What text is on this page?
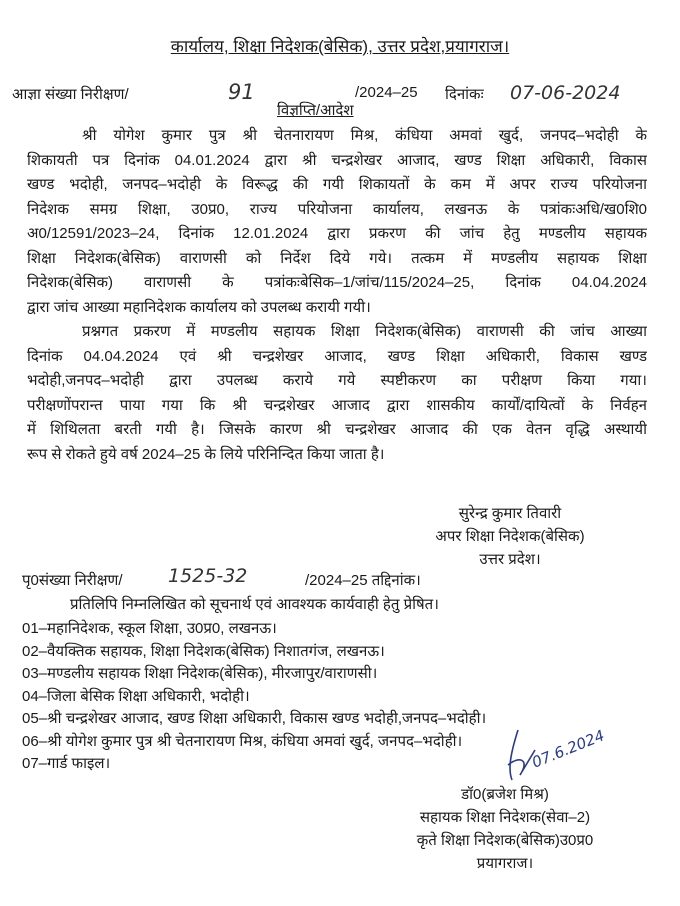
कार्यालय, शिक्षा निदेशक(बेसिक), उत्तर प्रदेश,प्रयागराज।
आज्ञा संख्या निरीक्षण/	91	/2024–25 दिनांकः 07-06-2024
विज्ञप्ति/आदेश
श्री योगेश कुमार पुत्र श्री चेतनारायण मिश्र, कंधिया अमवां खुर्द, जनपद–भदोही के
शिकायती पत्र दिनांक 04.01.2024 द्वारा श्री चन्द्रशेखर आजाद, खण्ड शिक्षा अधिकारी, विकास
खण्ड भदोही, जनपद–भदोही के विरूद्ध की गयी शिकायतों के कम में अपर राज्य परियोजना
निदेशक समग्र शिक्षा, उ0प्र0, राज्य परियोजना कार्यालय, लखनऊ के पत्रांकःअधि/ख0शि0
अ0/12591/2023–24, दिनांक 12.01.2024 द्वारा प्रकरण की जांच हेतु मण्डलीय सहायक
शिक्षा निदेशक(बेसिक) वाराणसी को निर्देश दिये गये। तत्कम में मण्डलीय सहायक शिक्षा
निदेशक(बेसिक) वाराणसी के पत्रांकःबेसिक–1/जांच/115/2024–25, दिनांक 04.04.2024
द्वारा जांच आख्या महानिदेशक कार्यालय को उपलब्ध करायी गयी।
प्रश्नगत प्रकरण में मण्डलीय सहायक शिक्षा निदेशक(बेसिक) वाराणसी की जांच आख्या
दिनांक 04.04.2024 एवं श्री चन्द्रशेखर आजाद, खण्ड शिक्षा अधिकारी, विकास खण्ड
भदोही,जनपद–भदोही द्वारा उपलब्ध कराये गये स्पष्टीकरण का परीक्षण किया गया।
परीक्षणोंपरान्त पाया गया कि श्री चन्द्रशेखर आजाद द्वारा शासकीय कार्यों/दायित्वों के निर्वहन
में शिथिलता बरती गयी है। जिसके कारण श्री चन्द्रशेखर आजाद की एक वेतन वृद्धि अस्थायी
रूप से रोकते हुये वर्ष 2024–25 के लिये परिनिन्दित किया जाता है।
सुरेन्द्र कुमार तिवारी
अपर शिक्षा निदेशक(बेसिक)
उत्तर प्रदेश।
पृ0संख्या निरीक्षण/ 1525-32	/2024–25 तद्दिनांक।
प्रतिलिपि निम्नलिखित को सूचनार्थ एवं आवश्यक कार्यवाही हेतु प्रेषित।
01–महानिदेशक, स्कूल शिक्षा, उ0प्र0, लखनऊ।
02–वैयक्तिक सहायक, शिक्षा निदेशक(बेसिक) निशातगंज, लखनऊ।
03–मण्डलीय सहायक शिक्षा निदेशक(बेसिक), मीरजापुर/वाराणसी।
04–जिला बेसिक शिक्षा अधिकारी, भदोही।
05–श्री चन्द्रशेखर आजाद, खण्ड शिक्षा अधिकारी, विकास खण्ड भदोही,जनपद–भदोही।
06–श्री योगेश कुमार पुत्र श्री चेतनारायण मिश्र, कंधिया अमवां खुर्द, जनपद–भदोही।
07–गार्ड फाइल।	07.6.2024
डॉ0(ब्रजेश मिश्र)
सहायक शिक्षा निदेशक(सेवा–2)
कृते शिक्षा निदेशक(बेसिक)उ0प्र0
प्रयागराज।
